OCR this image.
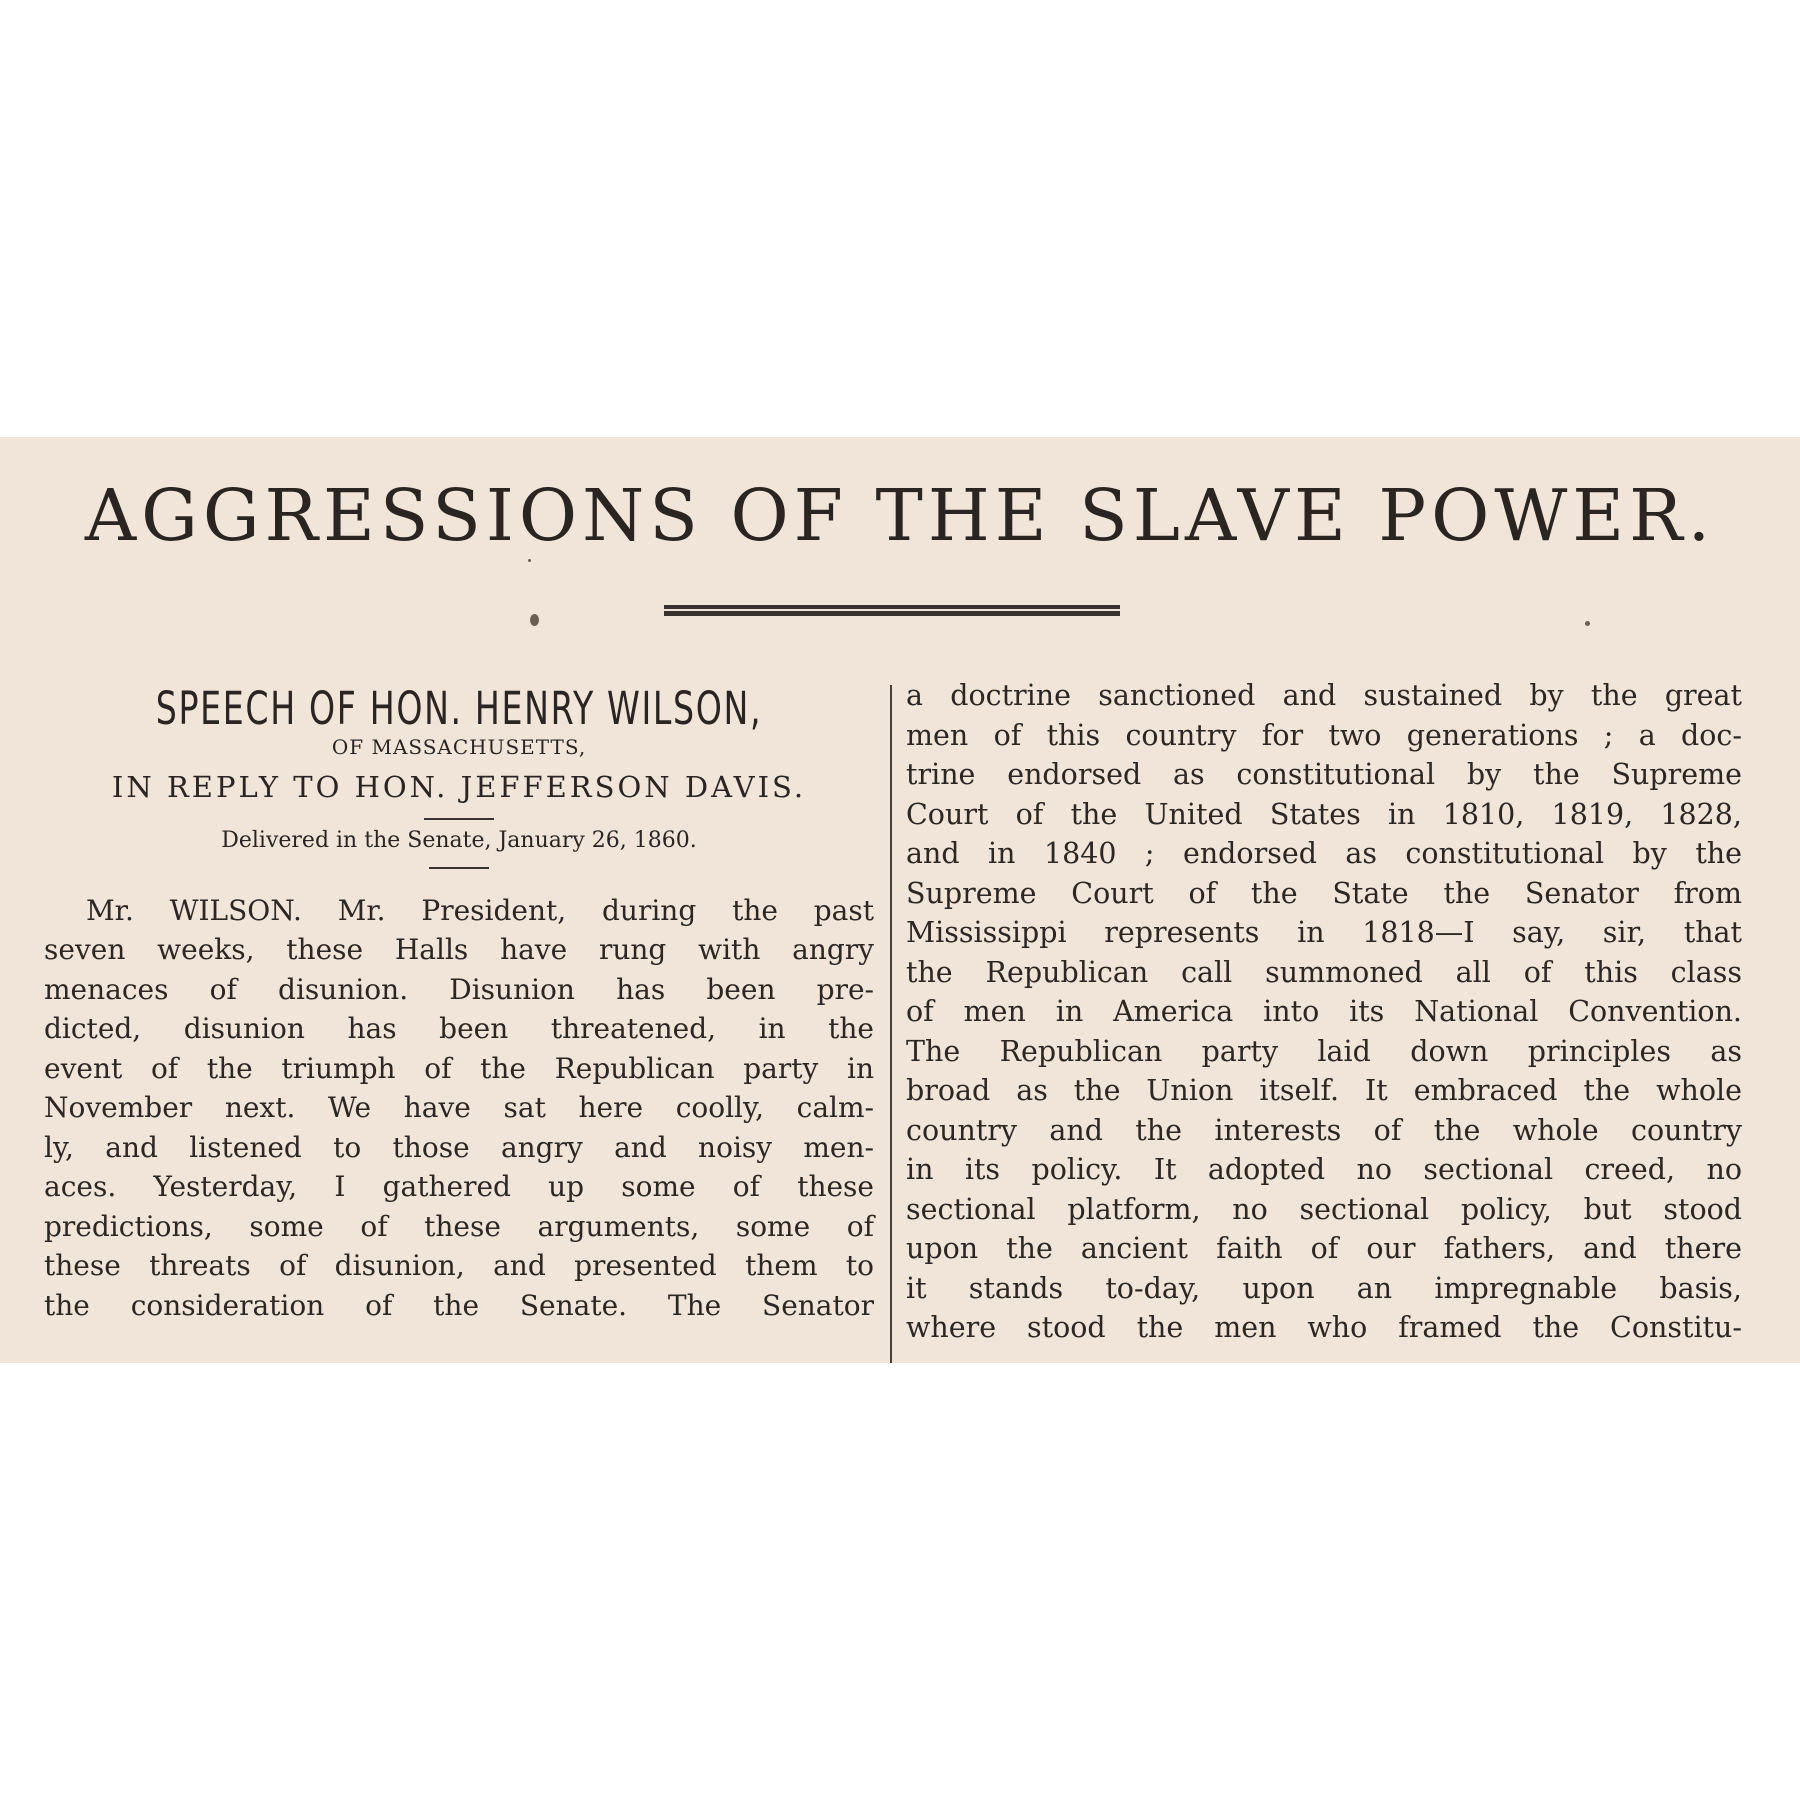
AGGRESSIONS OF THE SLAVE POWER.
SPEECH OF HON. HENRY WILSON,
OF MASSACHUSETTS,
IN REPLY TO HON. JEFFERSON DAVIS.
Delivered in the Senate, January 26, 1860.
Mr. WILSON. Mr. President, during the past
seven weeks, these Halls have rung with angry
menaces of disunion. Disunion has been pre-
dicted, disunion has been threatened, in the
event of the triumph of the Republican party in
November next. We have sat here coolly, calm-
ly, and listened to those angry and noisy men-
aces. Yesterday, I gathered up some of these
predictions, some of these arguments, some of
these threats of disunion, and presented them to
the consideration of the Senate. The Senator
a doctrine sanctioned and sustained by the great
men of this country for two generations ; a doc-
trine endorsed as constitutional by the Supreme
Court of the United States in 1810, 1819, 1828,
and in 1840 ; endorsed as constitutional by the
Supreme Court of the State the Senator from
Mississippi represents in 1818—I say, sir, that
the Republican call summoned all of this class
of men in America into its National Convention.
The Republican party laid down principles as
broad as the Union itself. It embraced the whole
country and the interests of the whole country
in its policy. It adopted no sectional creed, no
sectional platform, no sectional policy, but stood
upon the ancient faith of our fathers, and there
it stands to-day, upon an impregnable basis,
where stood the men who framed the Constitu-
